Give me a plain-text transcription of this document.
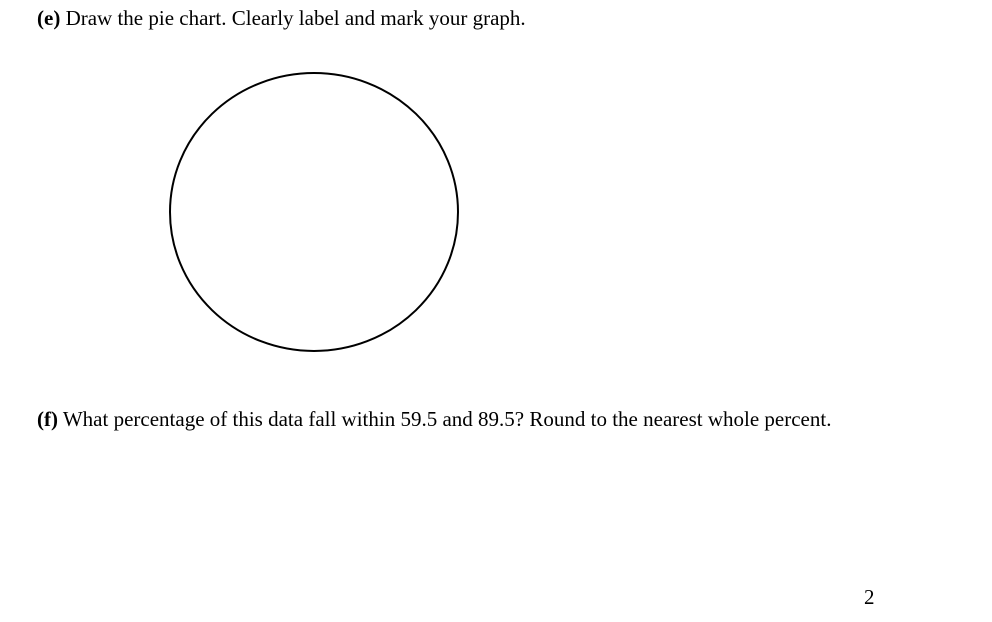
(e) Draw the pie chart. Clearly label and mark your graph.

(f) What percentage of this data fall within 59.5 and 89.5? Round to the nearest whole percent.

2
